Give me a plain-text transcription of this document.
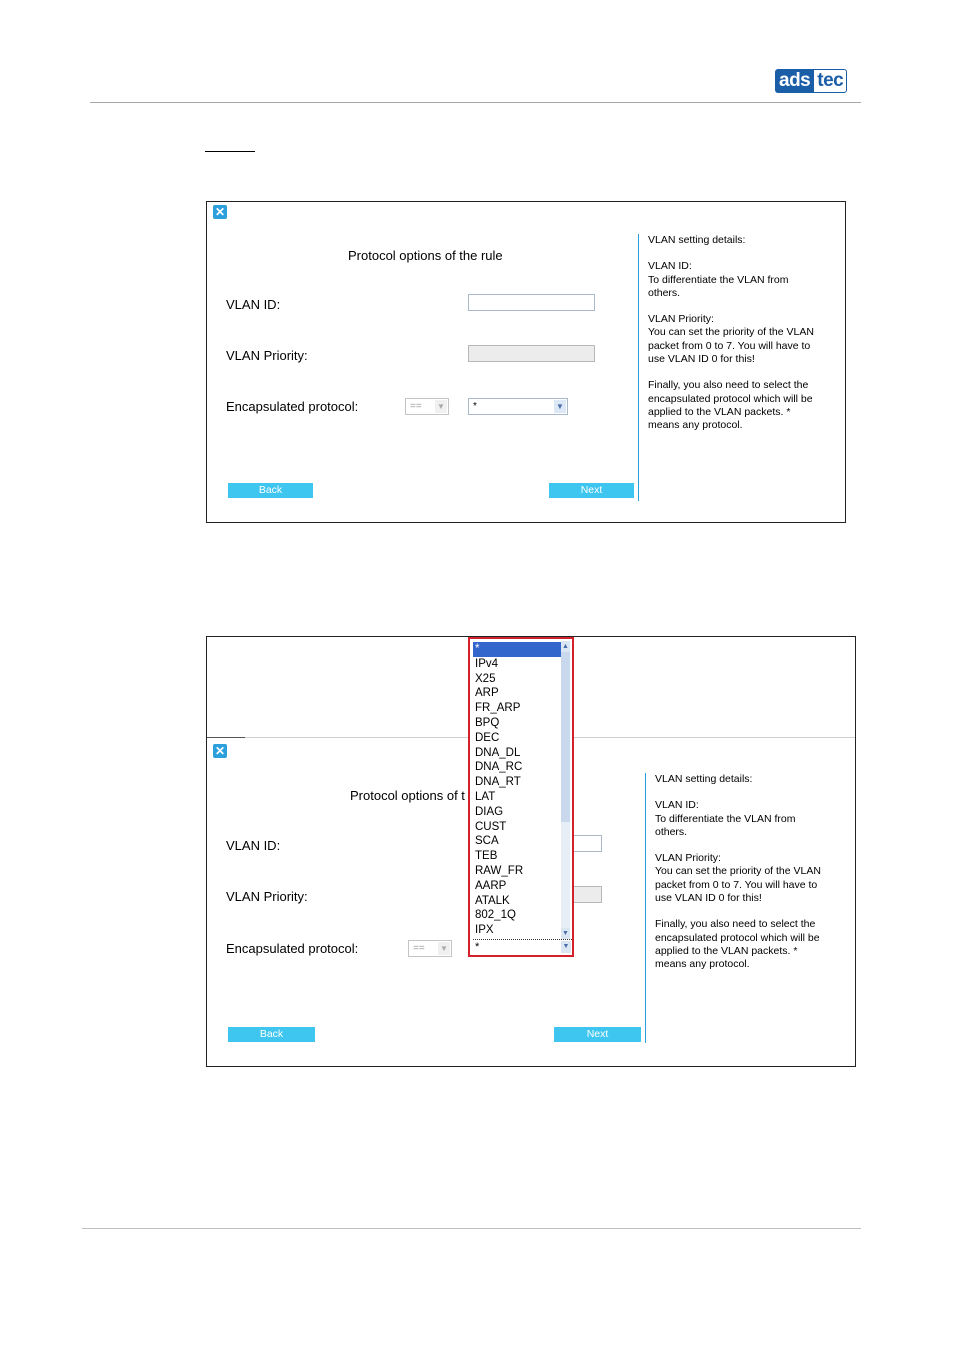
ads tec
✕
Protocol options of the rule
VLAN ID:
VLAN Priority:
Encapsulated protocol:	== ▼	*	▼
Back	Next
VLAN setting details:
VLAN ID:
To differentiate the VLAN from
others.
VLAN Priority:
You can set the priority of the VLAN
packet from 0 to 7. You will have to
use VLAN ID 0 for this!
Finally, you also need to select the
encapsulated protocol which will be
applied to the VLAN packets. *
means any protocol.
✕
Protocol options of t
VLAN ID:
VLAN Priority:
Encapsulated protocol:	== ▼
Back	Next
VLAN setting details:
VLAN ID:
To differentiate the VLAN from
others.
VLAN Priority:
You can set the priority of the VLAN
packet from 0 to 7. You will have to
use VLAN ID 0 for this!
Finally, you also need to select the
encapsulated protocol which will be
applied to the VLAN packets. *
means any protocol.
*
IPv4
X25
ARP
FR_ARP
BPQ
DEC
DNA_DL
DNA_RC
DNA_RT
LAT
DIAG
CUST
SCA
TEB
RAW_FR
AARP
ATALK
802_1Q
IPX
▲
▼
*	▼
